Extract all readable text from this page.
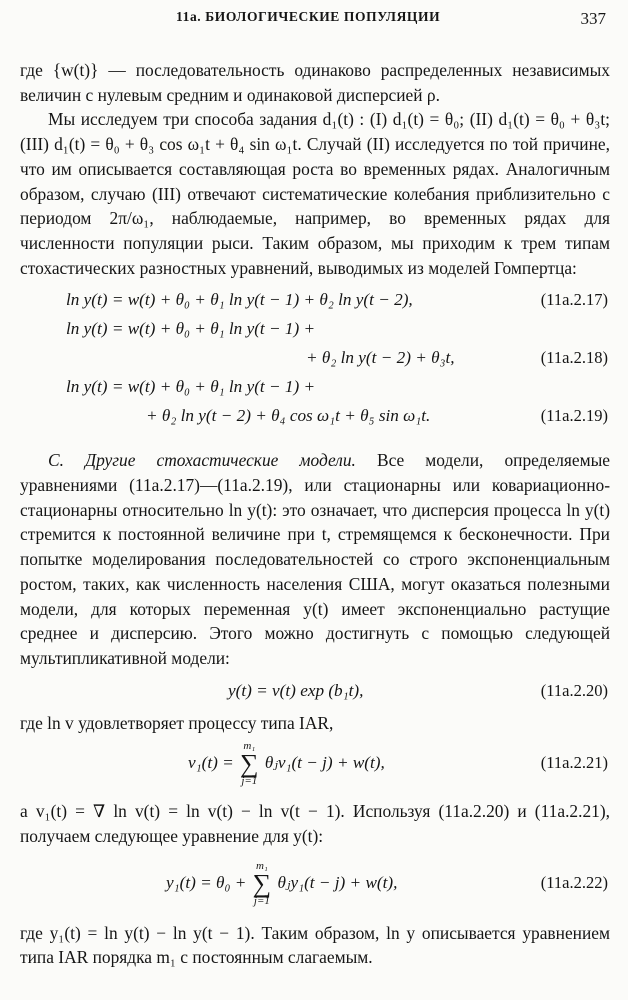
11а. БИОЛОГИЧЕСКИЕ ПОПУЛЯЦИИ	337

где {w(t)} — последовательность одинаково распределенных независимых величин с нулевым средним и одинаковой дисперсией ρ.

Мы исследуем три способа задания d₁(t) : (I) d₁(t) = θ₀; (II) d₁(t) = θ₀ + θ₃t; (III) d₁(t) = θ₀ + θ₃ cos ω₁t + θ₄ sin ω₁t. Случай (II) исследуется по той причине, что им описывается составляющая роста во временных рядах. Аналогичным образом, случаю (III) отвечают систематические колебания приблизительно с периодом 2π/ω₁, наблюдаемые, например, во временных рядах для численности популяции рыси. Таким образом, мы приходим к трем типам стохастических разностных уравнений, выводимых из моделей Гомпертца:

ln y(t) = w(t) + θ₀ + θ₁ ln y(t − 1) + θ₂ ln y(t − 2),	(11а.2.17)
ln y(t) = w(t) + θ₀ + θ₁ ln y(t − 1) +
+ θ₂ ln y(t − 2) + θ₃t,	(11а.2.18)
ln y(t) = w(t) + θ₀ + θ₁ ln y(t − 1) +
+ θ₂ ln y(t − 2) + θ₄ cos ω₁t + θ₅ sin ω₁t.	(11а.2.19)

C. Другие стохастические модели. Все модели, определяемые уравнениями (11а.2.17)—(11а.2.19), или стационарны или ковариационно-стационарны относительно ln y(t): это означает, что дисперсия процесса ln y(t) стремится к постоянной величине при t, стремящемся к бесконечности. При попытке моделирования последовательностей со строго экспоненциальным ростом, таких, как численность населения США, могут оказаться полезными модели, для которых переменная y(t) имеет экспоненциально растущие среднее и дисперсию. Этого можно достигнуть с помощью следующей мультипликативной модели:

y(t) = v(t) exp (b₁t),	(11а.2.20)

где ln v удовлетворяет процессу типа IAR,

v₁(t) =
m₁
∑
j=1
θⱼv₁(t − j) + w(t),	(11а.2.21)

а v₁(t) = ∇ ln v(t) = ln v(t) − ln v(t − 1). Используя (11а.2.20) и (11а.2.21), получаем следующее уравнение для y(t):

y₁(t) = θ₀ +
m₁
∑
j=1
θⱼy₁(t − j) + w(t),	(11а.2.22)

где y₁(t) = ln y(t) − ln y(t − 1). Таким образом, ln y описывается уравнением типа IAR порядка m₁ с постоянным слагаемым.
